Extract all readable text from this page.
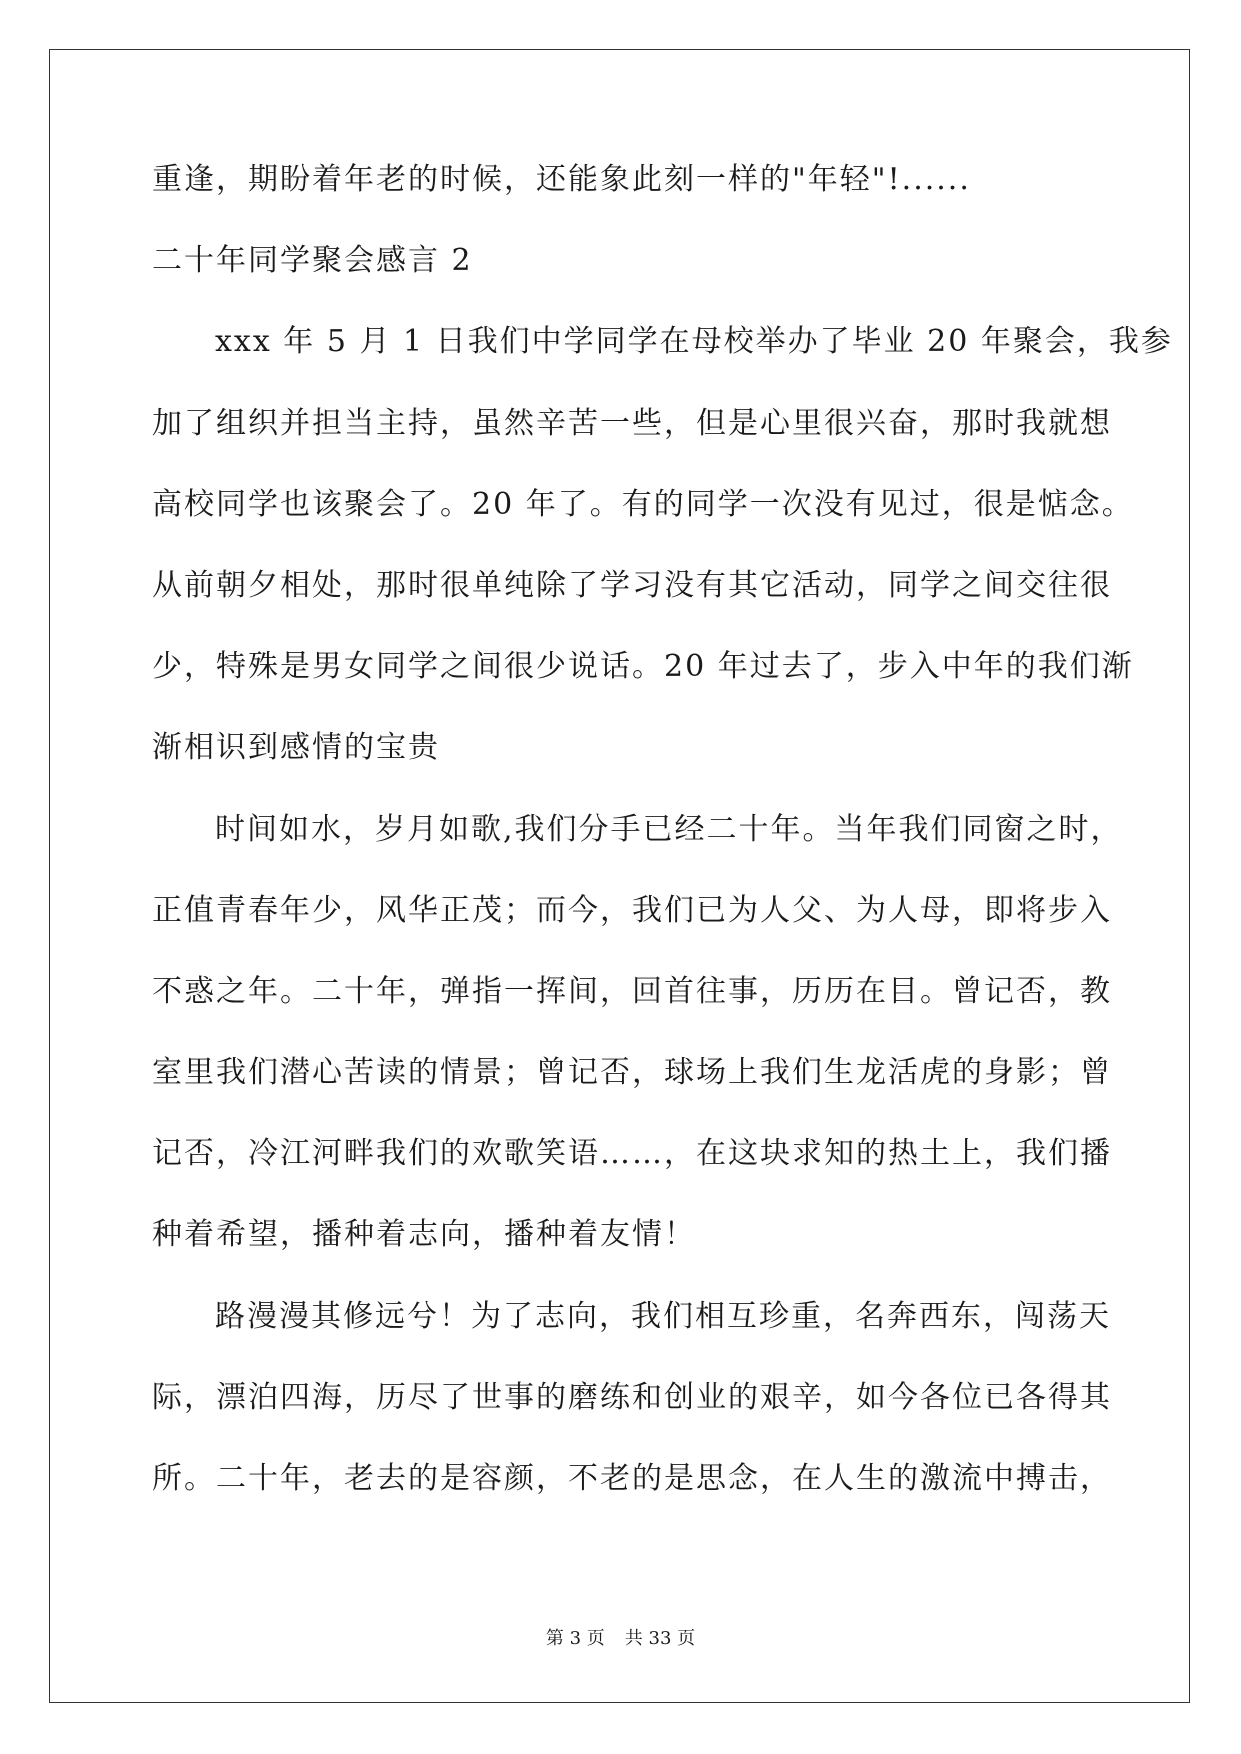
重逢，期盼着年老的时候，还能象此刻一样的"年轻"!......
二十年同学聚会感言 2
xxx 年 5 月 1 日我们中学同学在母校举办了毕业 20 年聚会，我参
加了组织并担当主持，虽然辛苦一些，但是心里很兴奋，那时我就想
高校同学也该聚会了。20 年了。有的同学一次没有见过，很是惦念。
从前朝夕相处，那时很单纯除了学习没有其它活动，同学之间交往很
少，特殊是男女同学之间很少说话。20 年过去了，步入中年的我们渐
渐相识到感情的宝贵
时间如水，岁月如歌,我们分手已经二十年。当年我们同窗之时，
正值青春年少，风华正茂；而今，我们已为人父、为人母，即将步入
不惑之年。二十年，弹指一挥间，回首往事，历历在目。曾记否，教
室里我们潜心苦读的情景；曾记否，球场上我们生龙活虎的身影；曾
记否，冷江河畔我们的欢歌笑语……，在这块求知的热土上，我们播
种着希望，播种着志向，播种着友情！
路漫漫其修远兮！为了志向，我们相互珍重，名奔西东，闯荡天
际，漂泊四海，历尽了世事的磨练和创业的艰辛，如今各位已各得其
所。二十年，老去的是容颜，不老的是思念，在人生的激流中搏击，
第 3 页 共 33 页
